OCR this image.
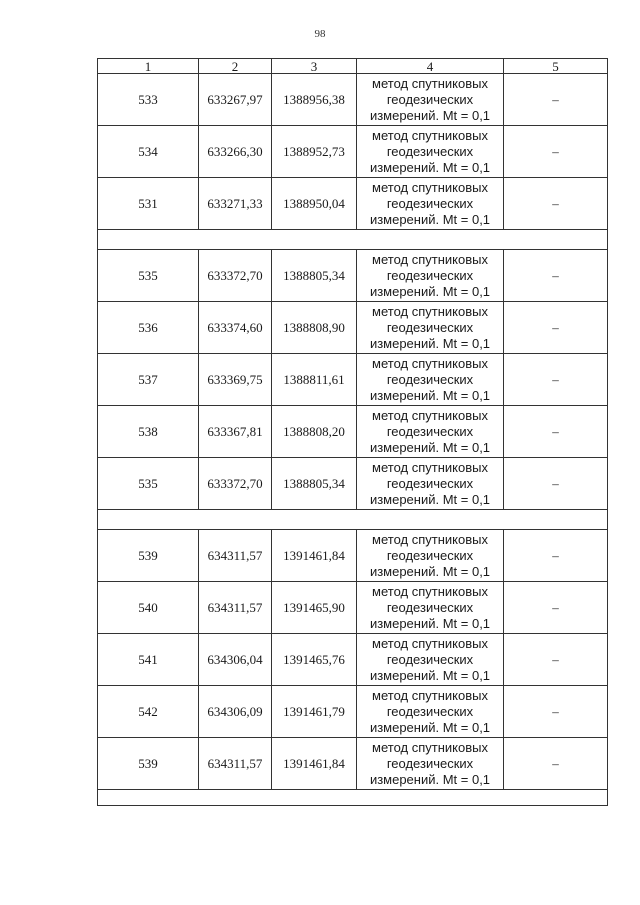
98
1	2	3	4	5
533	633267,97	1388956,38	метод спутниковых
геодезических
измерений. Mt = 0,1	–
534	633266,30	1388952,73	метод спутниковых
геодезических
измерений. Mt = 0,1	–
531	633271,33	1388950,04	метод спутниковых
геодезических
измерений. Mt = 0,1	–

535	633372,70	1388805,34	метод спутниковых
геодезических
измерений. Mt = 0,1	–
536	633374,60	1388808,90	метод спутниковых
геодезических
измерений. Mt = 0,1	–
537	633369,75	1388811,61	метод спутниковых
геодезических
измерений. Mt = 0,1	–
538	633367,81	1388808,20	метод спутниковых
геодезических
измерений. Mt = 0,1	–
535	633372,70	1388805,34	метод спутниковых
геодезических
измерений. Mt = 0,1	–

539	634311,57	1391461,84	метод спутниковых
геодезических
измерений. Mt = 0,1	–
540	634311,57	1391465,90	метод спутниковых
геодезических
измерений. Mt = 0,1	–
541	634306,04	1391465,76	метод спутниковых
геодезических
измерений. Mt = 0,1	–
542	634306,09	1391461,79	метод спутниковых
геодезических
измерений. Mt = 0,1	–
539	634311,57	1391461,84	метод спутниковых
геодезических
измерений. Mt = 0,1	–
